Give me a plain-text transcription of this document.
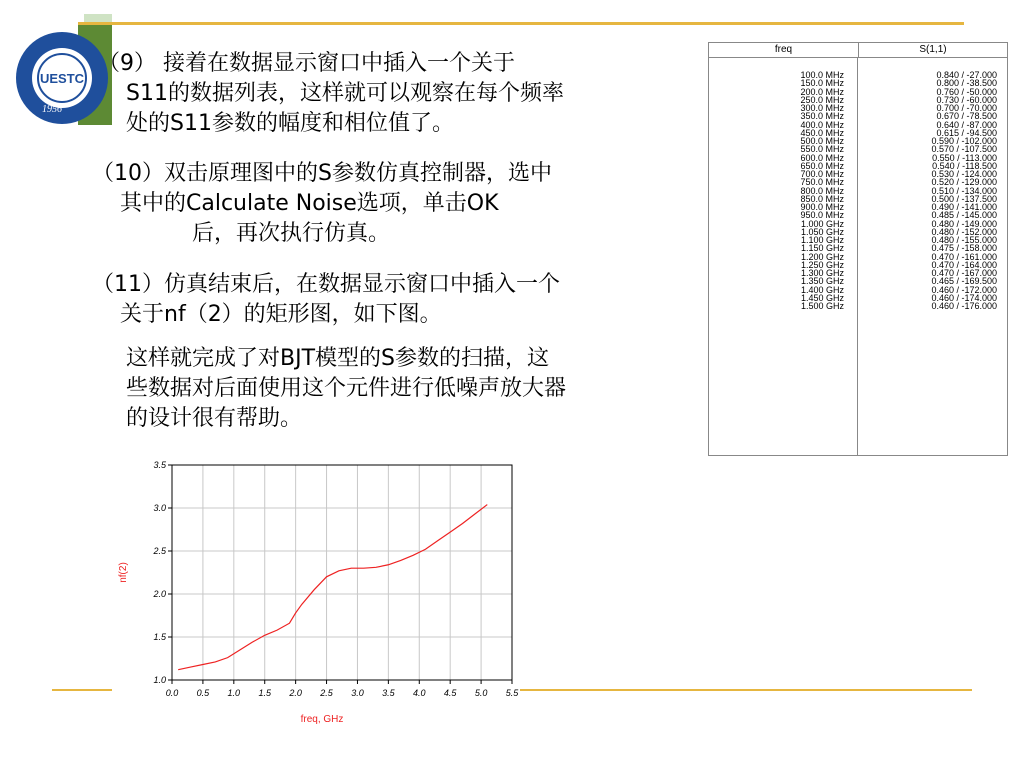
UESTC
1956
（9） 接着在数据显示窗口中插入一个关于
S11的数据列表，这样就可以观察在每个频率
处的S11参数的幅度和相位值了。
（10）双击原理图中的S参数仿真控制器，选中
其中的Calculate Noise选项，单击OK
后，再次执行仿真。
（11）仿真结束后，在数据显示窗口中插入一个
关于nf（2）的矩形图，如下图。
这样就完成了对BJT模型的S参数的扫描，这
些数据对后面使用这个元件进行低噪声放大器
的设计很有帮助。
freq	S(1,1)
100.0 MHz
150.0 MHz
200.0 MHz
250.0 MHz
300.0 MHz
350.0 MHz
400.0 MHz
450.0 MHz
500.0 MHz
550.0 MHz
600.0 MHz
650.0 MHz
700.0 MHz
750.0 MHz
800.0 MHz
850.0 MHz
900.0 MHz
950.0 MHz
1.000 GHz
1.050 GHz
1.100 GHz
1.150 GHz
1.200 GHz
1.250 GHz
1.300 GHz
1.350 GHz
1.400 GHz
1.450 GHz
1.500 GHz
0.840 / -27.000
0.800 / -38.500
0.760 / -50.000
0.730 / -60.000
0.700 / -70.000
0.670 / -78.500
0.640 / -87.000
0.615 / -94.500
0.590 / -102.000
0.570 / -107.500
0.550 / -113.000
0.540 / -118.500
0.530 / -124.000
0.520 / -129.000
0.510 / -134.000
0.500 / -137.500
0.490 / -141.000
0.485 / -145.000
0.480 / -149.000
0.480 / -152.000
0.480 / -155.000
0.475 / -158.000
0.470 / -161.000
0.470 / -164.000
0.470 / -167.000
0.465 / -169.500
0.460 / -172.000
0.460 / -174.000
0.460 / -176.000
0.0 0.5 1.0 1.5 2.0 2.5 3.0 3.5 4.0 4.5 5.0 5.5
1.0
1.5
2.0
2.5
3.0
3.5
freq, GHz
nf(2)
